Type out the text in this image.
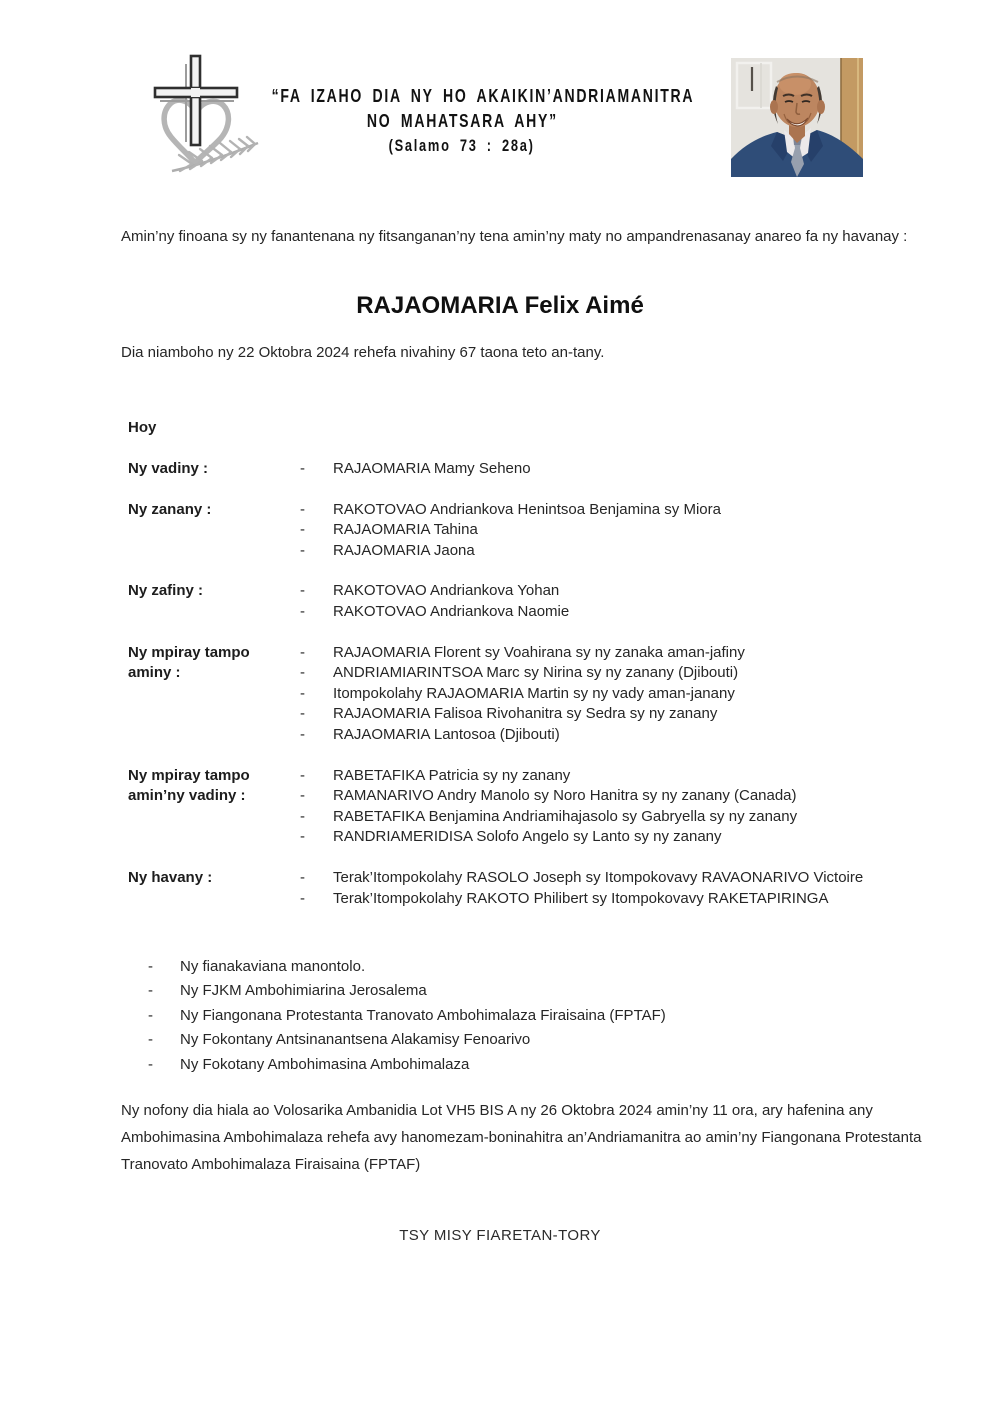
“FA IZAHO DIA NY HO AKAIKIN’ANDRIAMANITRA
NO MAHATSARA AHY”
(Salamo 73 : 28a)

Amin’ny finoana sy ny fanantenana ny fitsanganan’ny tena amin’ny maty no ampandrenasanay anareo fa ny havanay :

RAJAOMARIA Felix Aimé

Dia niamboho ny 22 Oktobra 2024 rehefa nivahiny 67 taona teto an-tany.

Hoy
Ny vadiny :	-	RAJAOMARIA Mamy Seheno
Ny zanany :	-	RAKOTOVAO Andriankova Henintsoa Benjamina sy Miora
-	RAJAOMARIA Tahina
-	RAJAOMARIA Jaona
Ny zafiny :	-	RAKOTOVAO Andriankova Yohan
-	RAKOTOVAO Andriankova Naomie
Ny mpiray tampo aminy :
-	RAJAOMARIA Florent sy Voahirana sy ny zanaka aman-jafiny
-	ANDRIAMIARINTSOA Marc sy Nirina sy ny zanany (Djibouti)
-	Itompokolahy RAJAOMARIA Martin sy ny vady aman-janany
-	RAJAOMARIA Falisoa Rivohanitra sy Sedra sy ny zanany
-	RAJAOMARIA Lantosoa (Djibouti)
Ny mpiray tampo amin’ny vadiny :
-	RABETAFIKA Patricia sy ny zanany
-	RAMANARIVO Andry Manolo sy Noro Hanitra sy ny zanany (Canada)
-	RABETAFIKA Benjamina Andriamihajasolo sy Gabryella sy ny zanany
-	RANDRIAMERIDISA Solofo Angelo sy Lanto sy ny zanany
Ny havany :	-	Terak’Itompokolahy RASOLO Joseph sy Itompokovavy RAVAONARIVO Victoire
-	Terak’Itompokolahy RAKOTO Philibert sy Itompokovavy RAKETAPIRINGA
-	Ny fianakaviana manontolo.
-	Ny FJKM Ambohimiarina Jerosalema
-	Ny Fiangonana Protestanta Tranovato Ambohimalaza Firaisaina (FPTAF)
-	Ny Fokontany Antsinanantsena Alakamisy Fenoarivo
-	Ny Fokotany Ambohimasina Ambohimalaza

Ny nofony dia hiala ao Volosarika Ambanidia Lot VH5 BIS A ny 26 Oktobra 2024 amin’ny 11 ora, ary hafenina any Ambohimasina Ambohimalaza rehefa avy hanomezam-boninahitra an’Andriamanitra ao amin’ny Fiangonana Protestanta Tranovato Ambohimalaza Firaisaina (FPTAF)

TSY MISY FIARETAN-TORY
